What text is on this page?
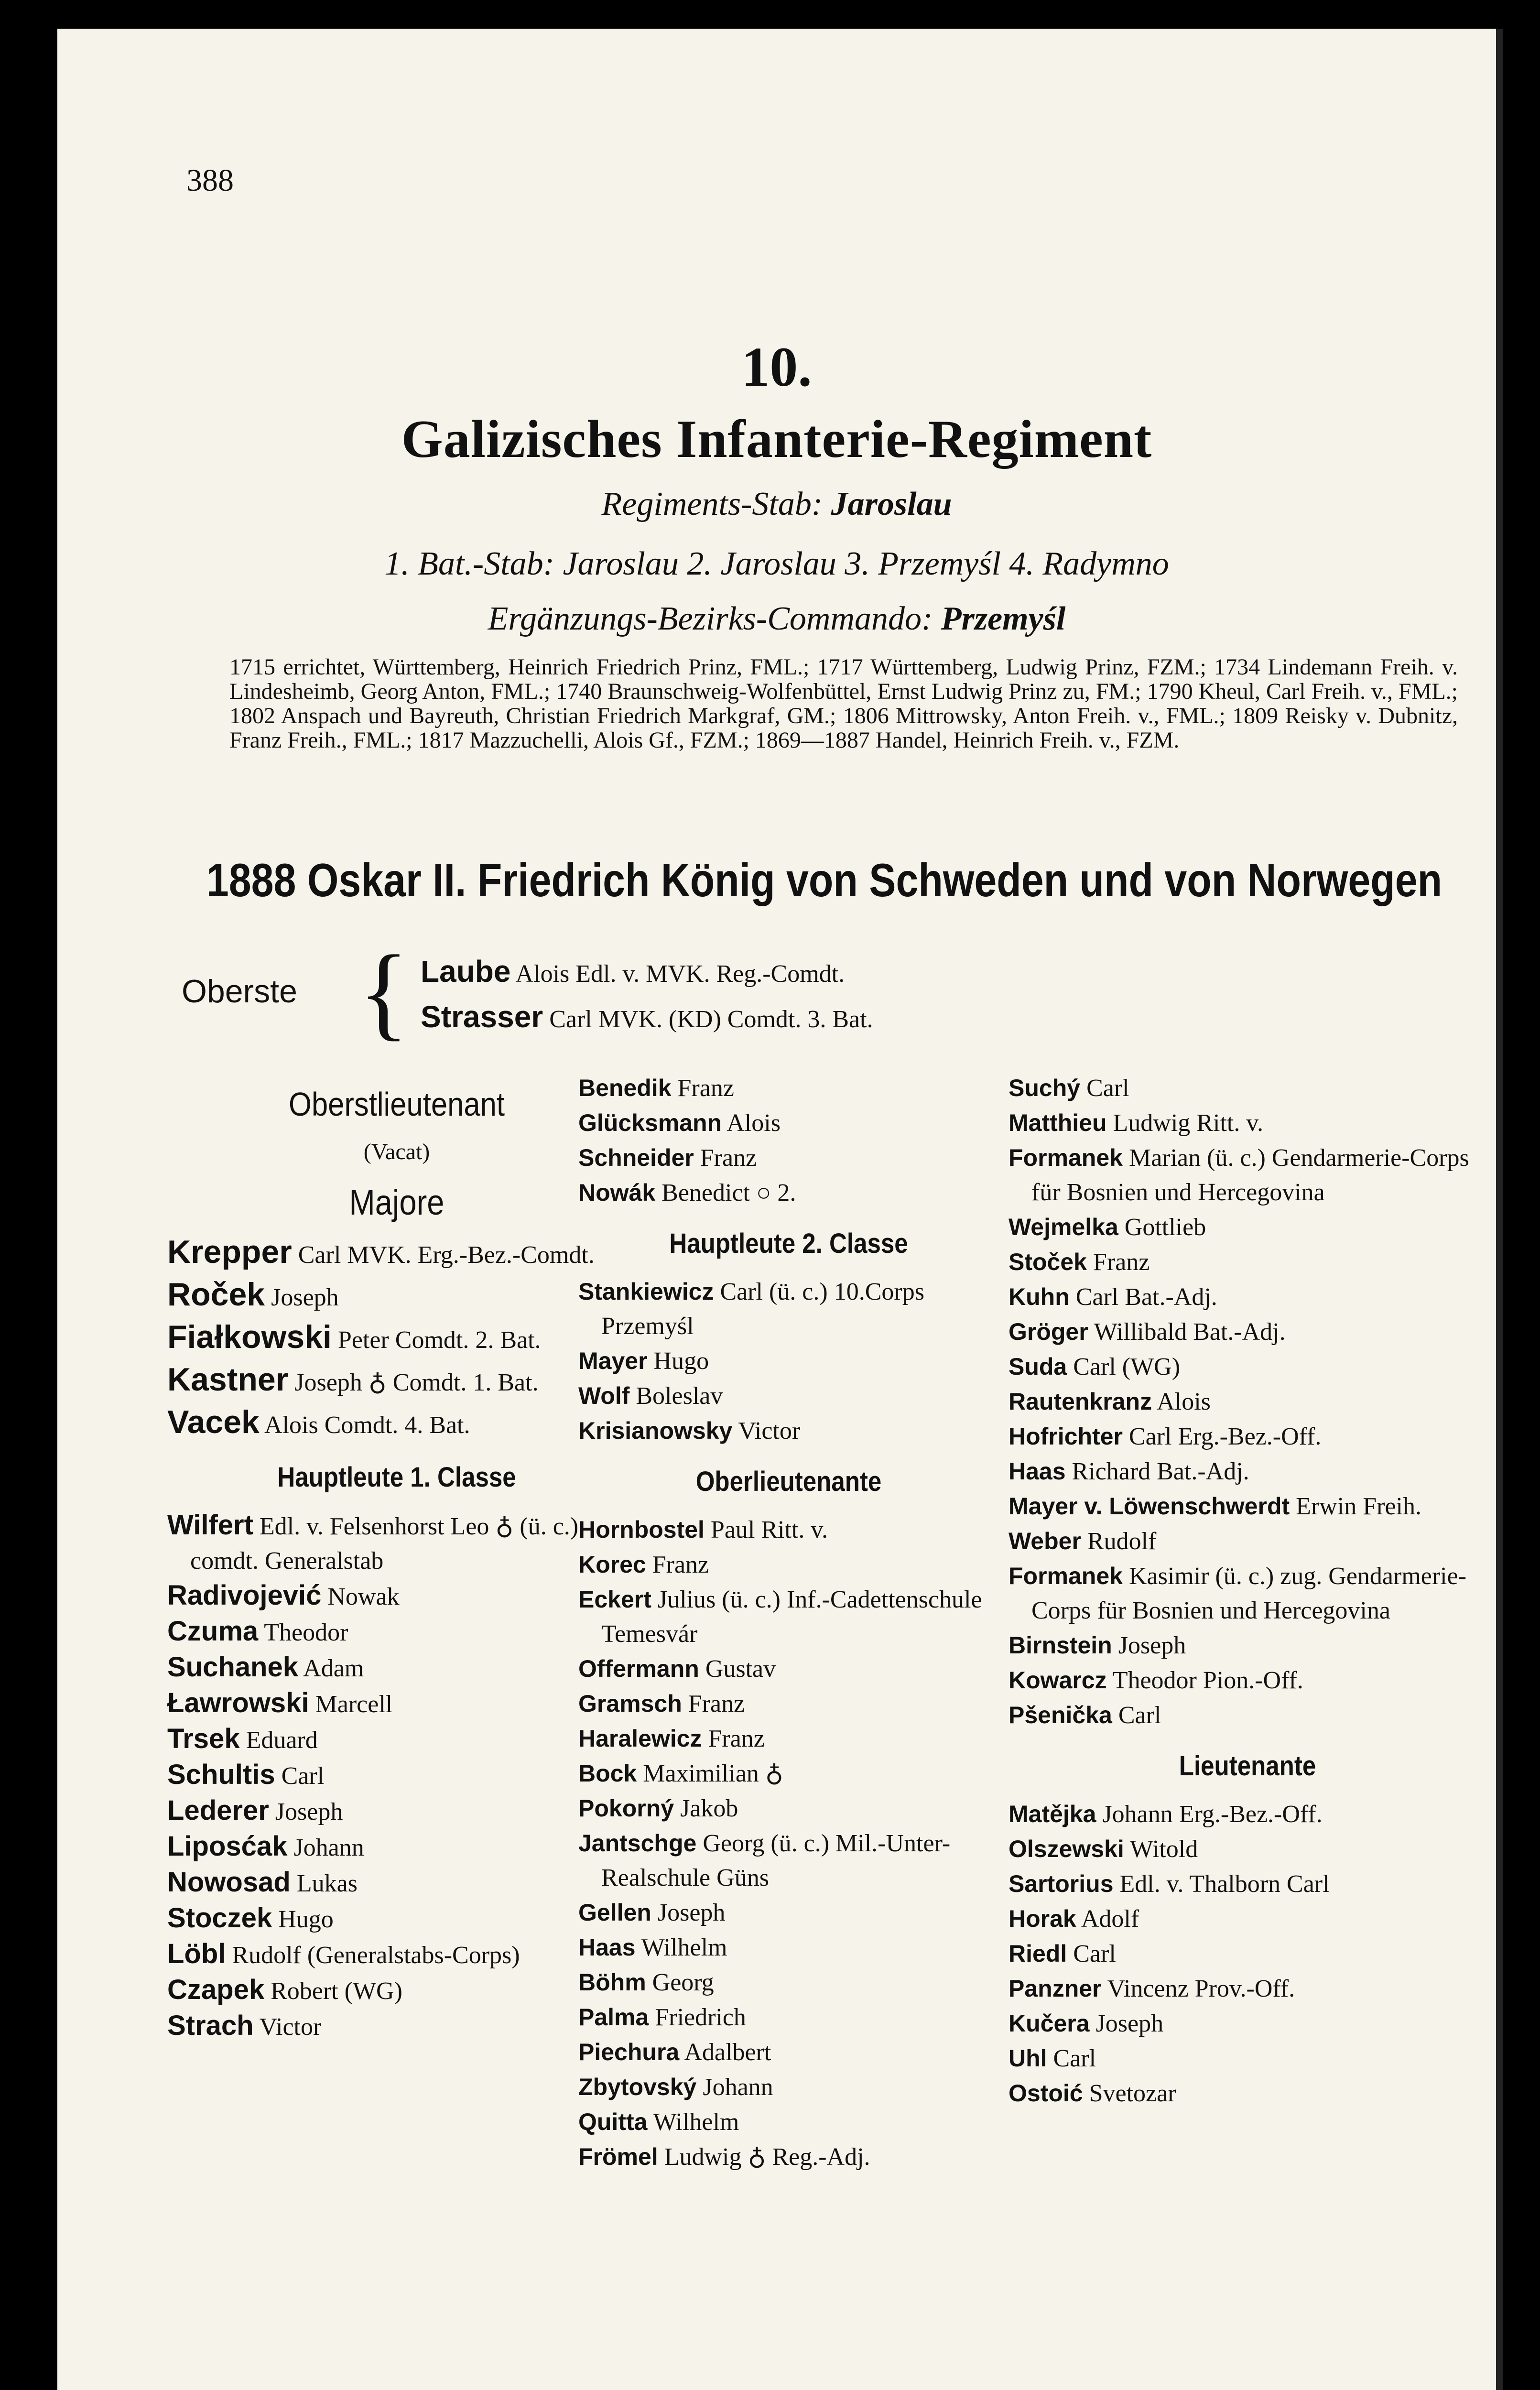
388
10.
Galizisches Infanterie-Regiment
Regiments-Stab: Jaroslau
1. Bat.-Stab: Jaroslau 2. Jaroslau 3. Przemyśl 4. Radymno
Ergänzungs-Bezirks-Commando: Przemyśl
1715 errichtet, Württemberg, Heinrich Friedrich Prinz, FML.; 1717 Württemberg, Ludwig Prinz, FZM.; 1734 Lindemann Freih. v. Lindesheimb, Georg Anton, FML.; 1740 Braunschweig-Wolfenbüttel, Ernst Ludwig Prinz zu, FM.; 1790 Kheul, Carl Freih. v., FML.; 1802 Anspach und Bayreuth, Christian Friedrich Markgraf, GM.; 1806 Mittrowsky, Anton Freih. v., FML.; 1809 Reisky v. Dubnitz, Franz Freih., FML.; 1817 Mazzuchelli, Alois Gf., FZM.; 1869—1887 Handel, Heinrich Freih. v., FZM.
1888 Oskar II. Friedrich König von Schweden und von Norwegen
Oberste { Laube Alois Edl. v. MVK. Reg.-Comdt.
Strasser Carl MVK. (KD) Comdt. 3. Bat.
Oberstlieutenant
(Vacat)
Majore
Krepper Carl MVK. Erg.-Bez.-Comdt.
Roček Joseph
Fiałkowski Peter Comdt. 2. Bat.
Kastner Joseph ♁ Comdt. 1. Bat.
Vacek Alois Comdt. 4. Bat.
Hauptleute 1. Classe
Wilfert Edl. v. Felsenhorst Leo ♁ (ü. c.) comdt. Generalstab
Radivojević Nowak
Czuma Theodor
Suchanek Adam
Ławrowski Marcell
Trsek Eduard
Schultis Carl
Lederer Joseph
Liposćak Johann
Nowosad Lukas
Stoczek Hugo
Löbl Rudolf (Generalstabs-Corps)
Czapek Robert (WG)
Strach Victor
Benedik Franz
Glücksmann Alois
Schneider Franz
Nowák Benedict ○ 2.
Hauptleute 2. Classe
Stankiewicz Carl (ü. c.) 10.Corps Przemyśl
Mayer Hugo
Wolf Boleslav
Krisianowsky Victor
Oberlieutenante
Hornbostel Paul Ritt. v.
Korec Franz
Eckert Julius (ü. c.) Inf.-Cadettenschule Temesvár
Offermann Gustav
Gramsch Franz
Haralewicz Franz
Bock Maximilian ♁
Pokorný Jakob
Jantschge Georg (ü. c.) Mil.-Unter-Realschule Güns
Gellen Joseph
Haas Wilhelm
Böhm Georg
Palma Friedrich
Piechura Adalbert
Zbytovský Johann
Quitta Wilhelm
Frömel Ludwig ♁ Reg.-Adj.
Suchý Carl
Matthieu Ludwig Ritt. v.
Formanek Marian (ü. c.) Gendarmerie-Corps für Bosnien und Hercegovina
Wejmelka Gottlieb
Stoček Franz
Kuhn Carl Bat.-Adj.
Gröger Willibald Bat.-Adj.
Suda Carl (WG)
Rautenkranz Alois
Hofrichter Carl Erg.-Bez.-Off.
Haas Richard Bat.-Adj.
Mayer v. Löwenschwerdt Erwin Freih.
Weber Rudolf
Formanek Kasimir (ü. c.) zug. Gendarmerie-Corps für Bosnien und Hercegovina
Birnstein Joseph
Kowarcz Theodor Pion.-Off.
Pšenička Carl
Lieutenante
Matějka Johann Erg.-Bez.-Off.
Olszewski Witold
Sartorius Edl. v. Thalborn Carl
Horak Adolf
Riedl Carl
Panzner Vincenz Prov.-Off.
Kučera Joseph
Uhl Carl
Ostoić Svetozar
